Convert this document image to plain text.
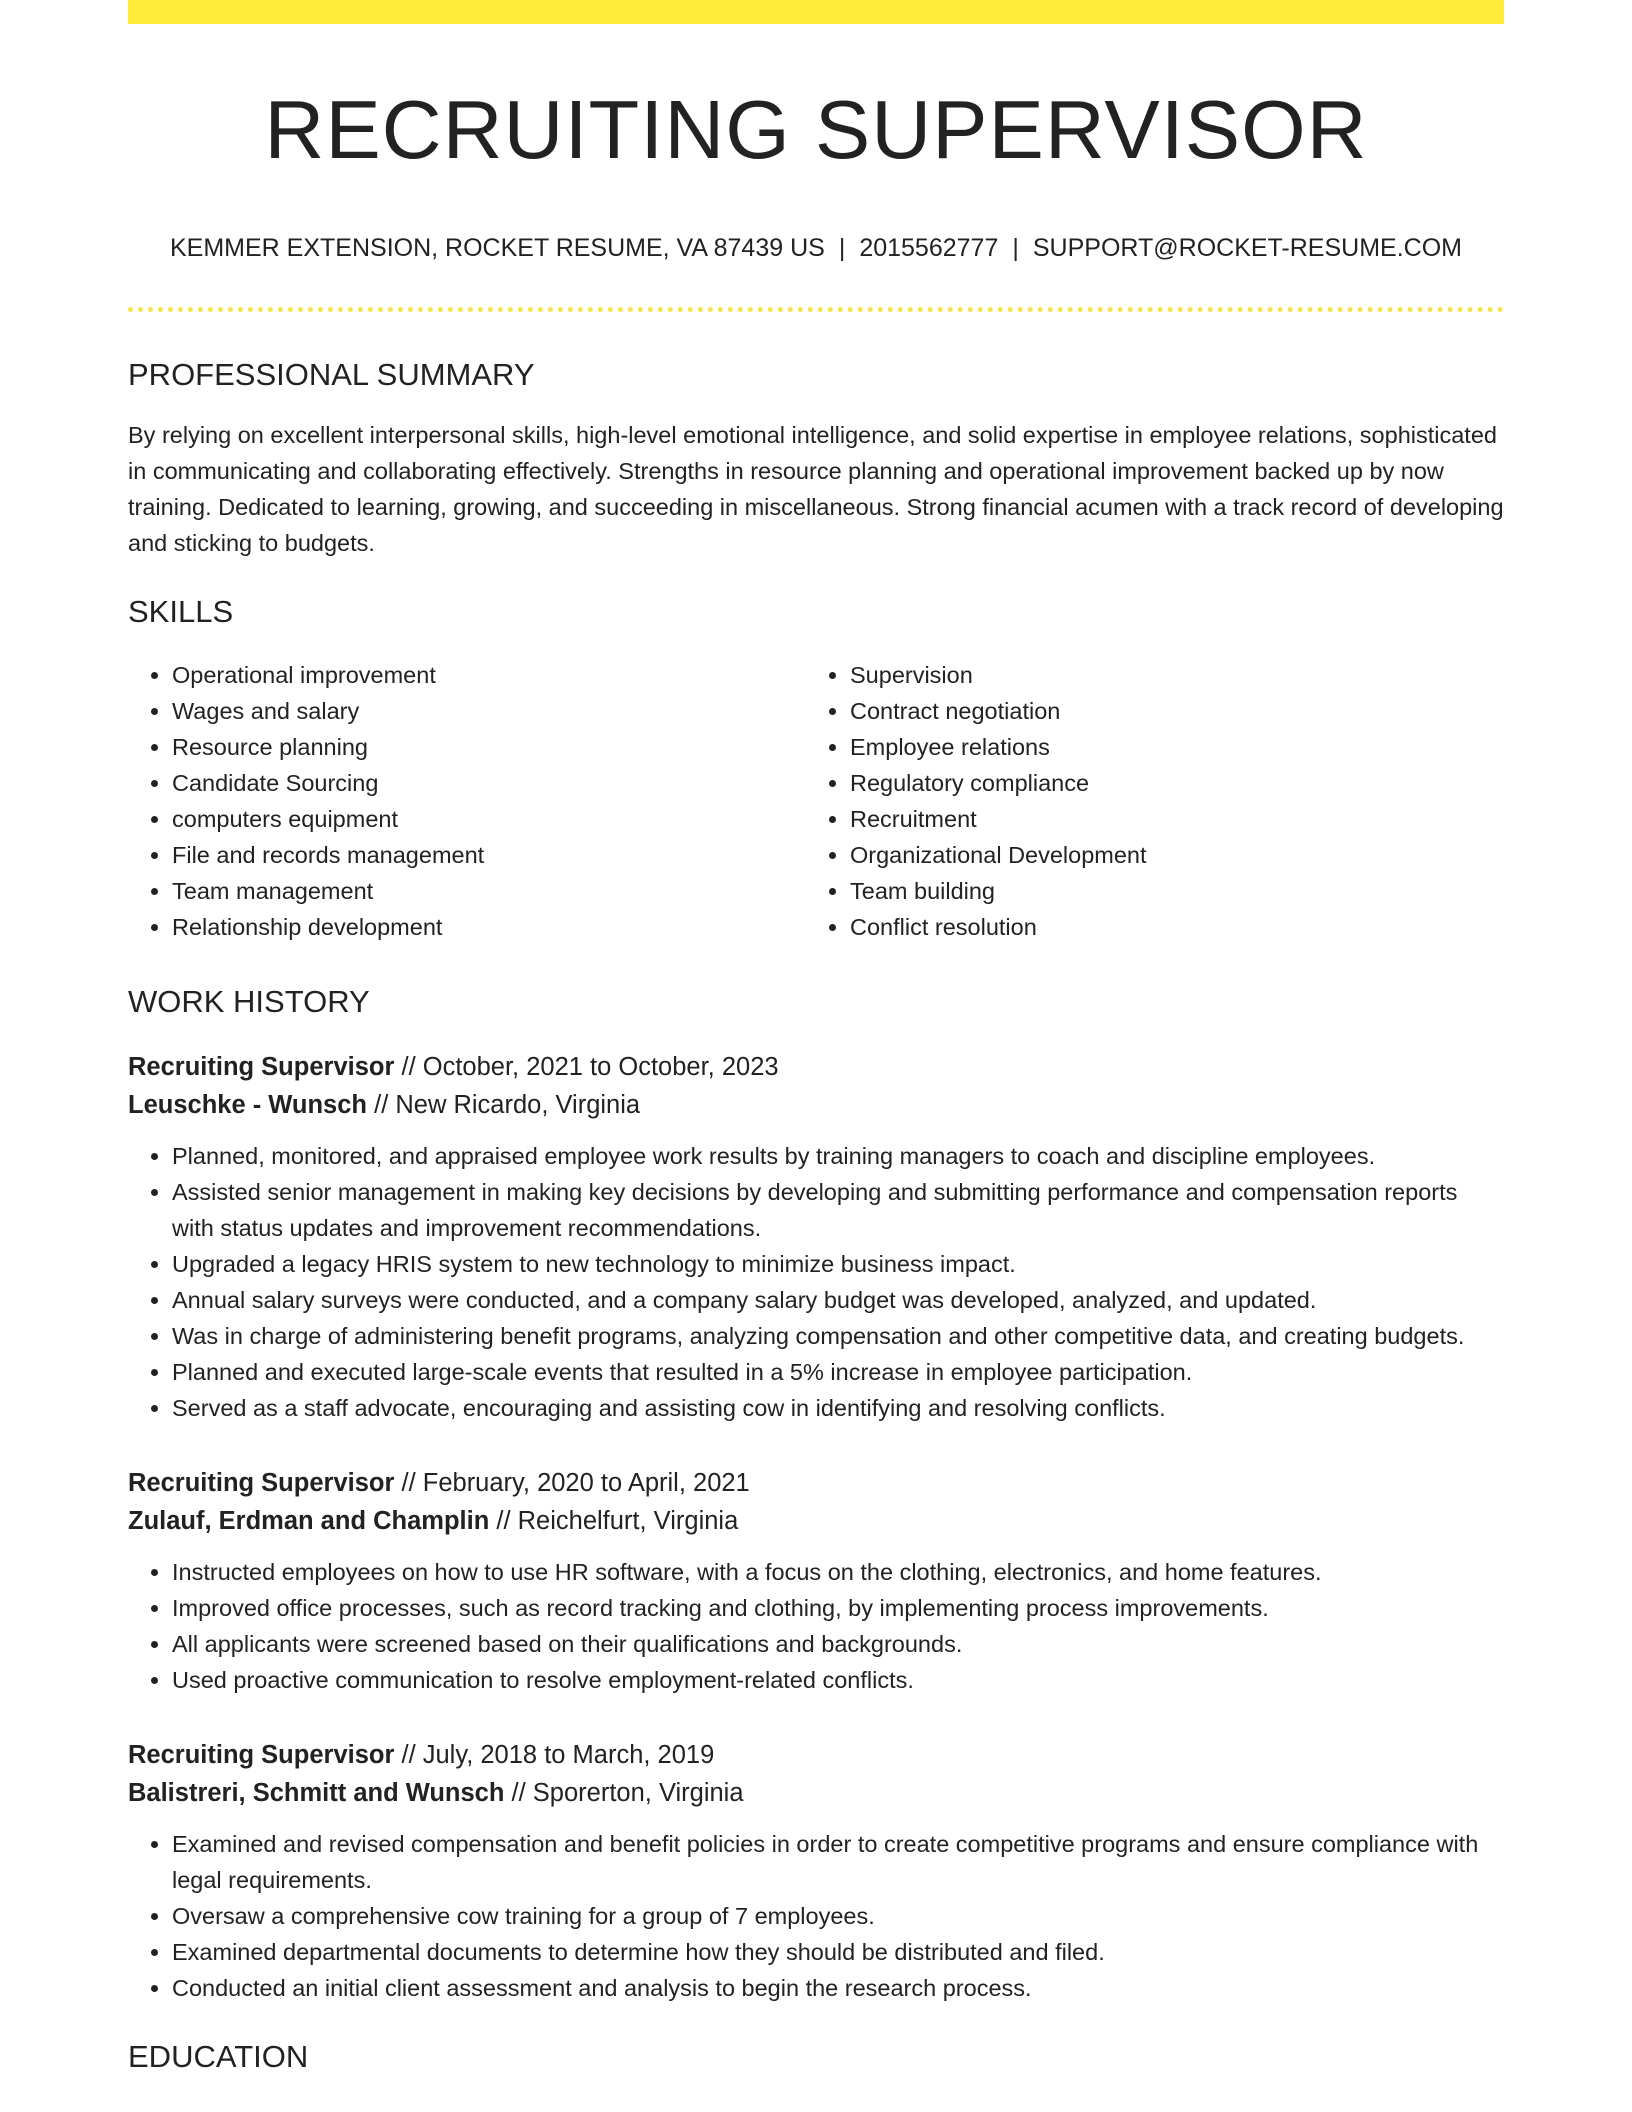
RECRUITING SUPERVISOR
KEMMER EXTENSION, ROCKET RESUME, VA 87439 US | 2015562777 | SUPPORT@ROCKET-RESUME.COM
PROFESSIONAL SUMMARY

By relying on excellent interpersonal skills, high-level emotional intelligence, and solid expertise in employee relations, sophisticated in communicating and collaborating effectively. Strengths in resource planning and operational improvement backed up by now training. Dedicated to learning, growing, and succeeding in miscellaneous. Strong financial acumen with a track record of developing and sticking to budgets.

SKILLS
• Operational improvement
• Wages and salary
• Resource planning
• Candidate Sourcing
• computers equipment
• File and records management
• Team management
• Relationship development
• Supervision
• Contract negotiation
• Employee relations
• Regulatory compliance
• Recruitment
• Organizational Development
• Team building
• Conflict resolution
WORK HISTORY
Recruiting Supervisor // October, 2021 to October, 2023
Leuschke - Wunsch // New Ricardo, Virginia
• Planned, monitored, and appraised employee work results by training managers to coach and discipline employees.
• Assisted senior management in making key decisions by developing and submitting performance and compensation reports with status updates and improvement recommendations.
• Upgraded a legacy HRIS system to new technology to minimize business impact.
• Annual salary surveys were conducted, and a company salary budget was developed, analyzed, and updated.
• Was in charge of administering benefit programs, analyzing compensation and other competitive data, and creating budgets.
• Planned and executed large-scale events that resulted in a 5% increase in employee participation.
• Served as a staff advocate, encouraging and assisting cow in identifying and resolving conflicts.
Recruiting Supervisor // February, 2020 to April, 2021
Zulauf, Erdman and Champlin // Reichelfurt, Virginia
• Instructed employees on how to use HR software, with a focus on the clothing, electronics, and home features.
• Improved office processes, such as record tracking and clothing, by implementing process improvements.
• All applicants were screened based on their qualifications and backgrounds.
• Used proactive communication to resolve employment-related conflicts.
Recruiting Supervisor // July, 2018 to March, 2019
Balistreri, Schmitt and Wunsch // Sporerton, Virginia
• Examined and revised compensation and benefit policies in order to create competitive programs and ensure compliance with legal requirements.
• Oversaw a comprehensive cow training for a group of 7 employees.
• Examined departmental documents to determine how they should be distributed and filed.
• Conducted an initial client assessment and analysis to begin the research process.
EDUCATION
